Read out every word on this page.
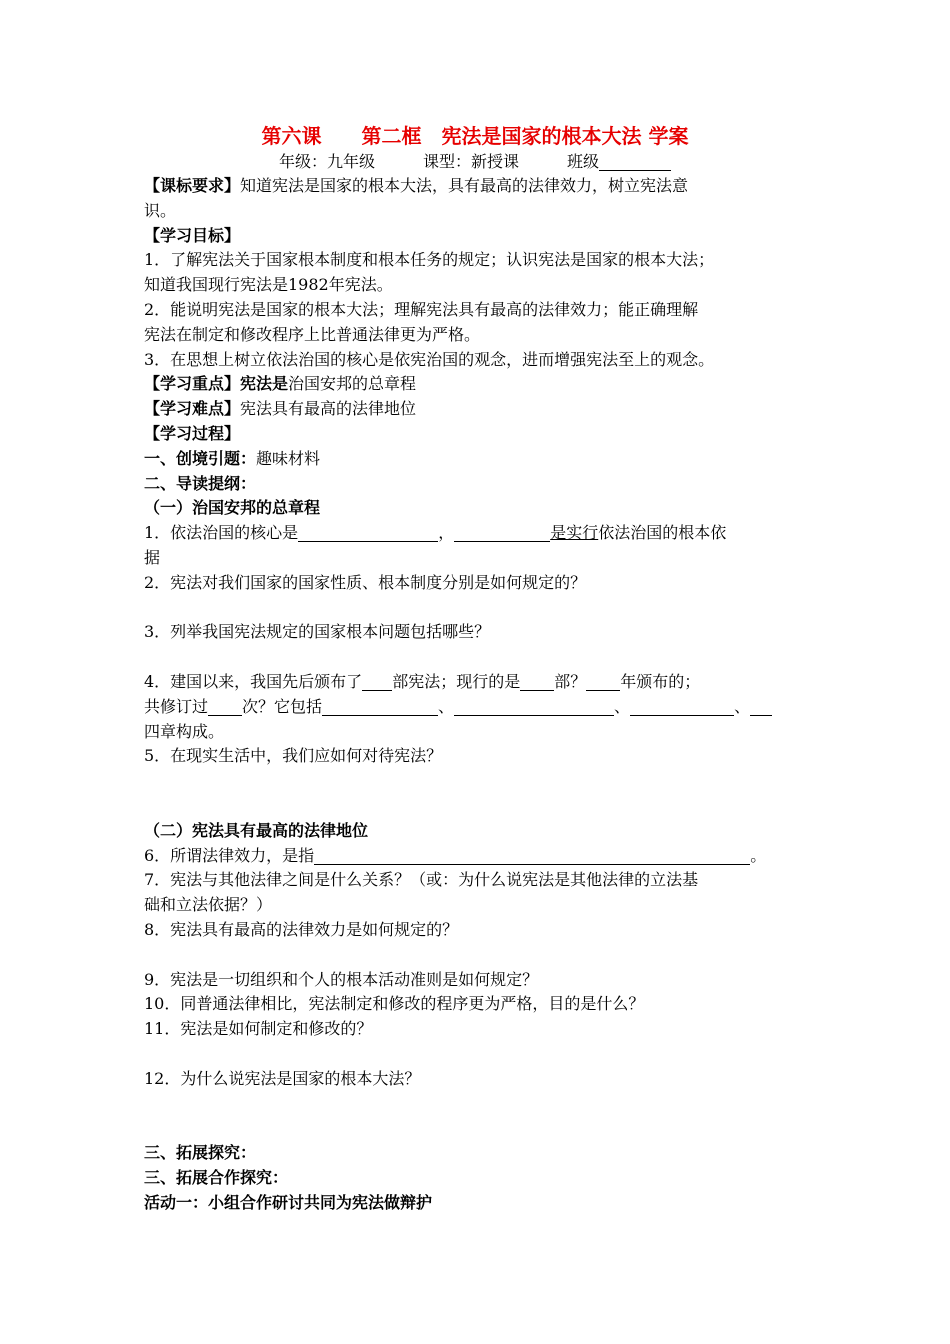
第六课　　第二框　宪法是国家的根本大法 学案
年级：九年级　　　	课型：新授课　　　	班级
【课标要求】知道宪法是国家的根本大法，具有最高的法律效力，树立宪法意
识。
【学习目标】
1．了解宪法关于国家根本制度和根本任务的规定；认识宪法是国家的根本大法；
知道我国现行宪法是1982年宪法。
2．能说明宪法是国家的根本大法；理解宪法具有最高的法律效力；能正确理解
宪法在制定和修改程序上比普通法律更为严格。
3．在思想上树立依法治国的核心是依宪治国的观念，进而增强宪法至上的观念。
【学习重点】宪法是治国安邦的总章程
【学习难点】宪法具有最高的法律地位
【学习过程】
一、创境引题：趣味材料
二、导读提纲：
（一）治国安邦的总章程
1．依法治国的核心是	，	是实行依法治国的根本依
据
2．宪法对我们国家的国家性质、根本制度分别是如何规定的？
3．列举我国宪法规定的国家根本问题包括哪些？
4．建国以来，我国先后颁布了 部宪法；现行的是 部？ 年颁布的；
共修订过 次？它包括	、	、	、
四章构成。
5．在现实生活中，我们应如何对待宪法？
（二）宪法具有最高的法律地位
6．所谓法律效力，是指	。
7．宪法与其他法律之间是什么关系？（或：为什么说宪法是其他法律的立法基
础和立法依据？）
8．宪法具有最高的法律效力是如何规定的？
9．宪法是一切组织和个人的根本活动准则是如何规定？
10．同普通法律相比，宪法制定和修改的程序更为严格，目的是什么？
11．宪法是如何制定和修改的？
12．为什么说宪法是国家的根本大法？
三、拓展探究：
三、拓展合作探究：
活动一：小组合作研讨共同为宪法做辩护
